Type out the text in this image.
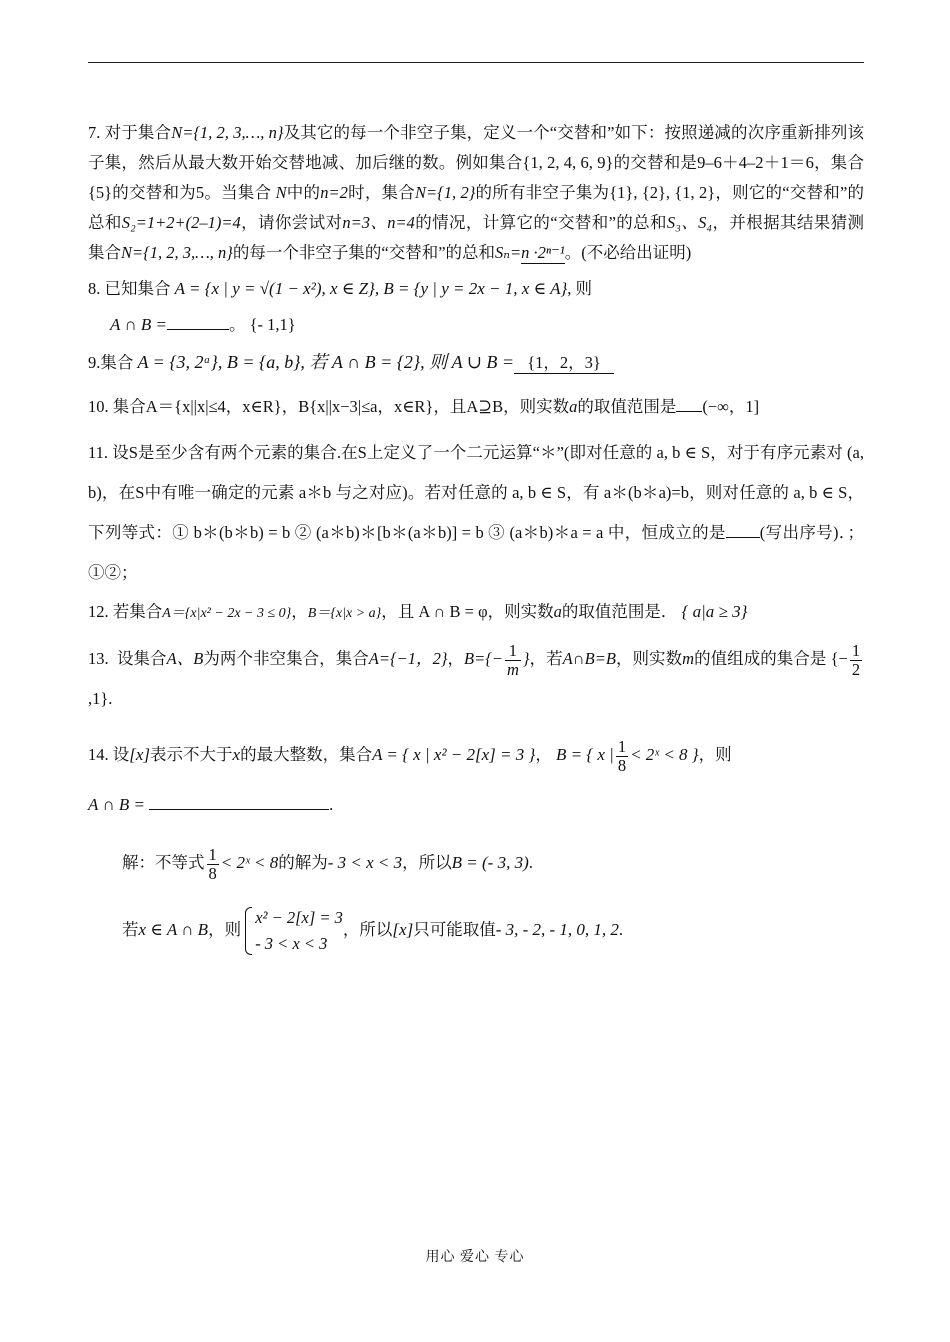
7. 对于集合N={1, 2, 3,…, n}及其它的每一个非空子集，定义一个“交替和”如下：按照递减的次序重新排列该子集，然后从最大数开始交替地减、加后继的数。例如集合{1, 2, 4, 6, 9}的交替和是9–6＋4–2＋1＝6，集合{5}的交替和为5。当集合 N中的n=2时，集合N={1, 2}的所有非空子集为{1}, {2}, {1, 2}，则它的“交替和”的总和S₂=1+2+(2–1)=4，请你尝试对n=3、n=4的情况，计算它的“交替和”的总和S₃、S₄，并根据其结果猜测集合N={1, 2, 3,…, n}的每一个非空子集的“交替和”的总和Sₙ=n ·2ⁿ⁻¹。(不必给出证明)

8. 已知集合 A = {x | y = √(1 − x²), x ∈ Z}, B = {y | y = 2x − 1, x ∈ A}, 则

A ∩ B =	。 {- 1,1}

9.集合 A = {3, 2ᵃ}, B = {a, b}, 若 A ∩ B = {2}, 则 A ∪ B = {1，2，3}

10. 集合A＝{x||x|≤4，x∈R}，B{x||x−3|≤a，x∈R}，且A⊇B，则实数a的取值范围是 (−∞，1]

11. 设S是至少含有两个元素的集合.在S上定义了一个二元运算“＊”(即对任意的 a, b ∈ S，对于有序元素对 (a, b)，在S中有唯一确定的元素 a＊b 与之对应)。若对任意的 a, b ∈ S，有 a＊(b＊a)=b，则对任意的 a, b ∈ S，下列等式：① b＊(b＊b) = b ② (a＊b)＊[b＊(a＊b)] = b ③ (a＊b)＊a = a 中，恒成立的是 (写出序号)．；①②；

12. 若集合A＝{x|x² − 2x − 3 ≤ 0}，B＝{x|x > a}，且 A ∩ B = φ，则实数a的取值范围是． { a|a ≥ 3}

13. 设集合A、B为两个非空集合，集合A={−1，2}，$B=\{- \frac{1}{m}$ }，若A∩B=B，则实数m的值组成的集合是 {− $\frac{1}{2}$
,1}.

14. 设[x]表示不大于x的最大整数，集合A = { x | x² − 2[x] = 3 }， B = { x | $\frac{1}{8}$ < 2ˣ < 8 }，则

A ∩ B =	.

解：不等式 $\frac{1}{8}$ < 2ˣ < 8的解为- 3 < x < 3，所以B = (- 3, 3).

若x ∈ A ∩ B，则
x² − 2[x] = 3
- 3 < x < 3
，所以[x]只可能取值- 3, - 2, - 1, 0, 1, 2.

用心 爱心 专心
